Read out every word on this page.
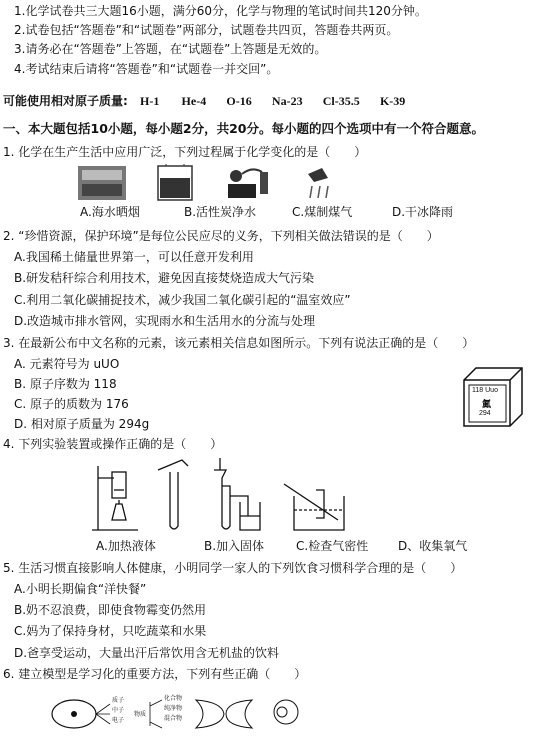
1.化学试卷共三大题16小题，满分60分，化学与物理的笔试时间共120分钟。
2.试卷包括“答题卷”和“试题卷”两部分，试题卷共四页，答题卷共两页。
3.请务必在“答题卷”上答题，在“试题卷”上答题是无效的。
4.考试结束后请将“答题卷”和“试题卷一并交回”。
可能使用相对原子质量: H-1 He-4 O-16 Na-23 Cl-35.5 K-39
一、本大题包括10小题，每小题2分，共20分。每小题的四个选项中有一个符合题意。
1. 化学在生产生活中应用广泛，下列过程属于化学变化的是（　　）
A.海水晒烟	B.活性炭净水	C.煤制煤气	D.干冰降雨
2. “珍惜资源，保护环境”是每位公民应尽的义务，下列相关做法错误的是（　　）
A.我国稀土储量世界第一，可以任意开发利用
B.研发秸秆综合利用技术，避免因直接焚烧造成大气污染
C.利用二氧化碳捕捉技术，减少我国二氧化碳引起的“温室效应”
D.改造城市排水管网，实现雨水和生活用水的分流与处理
3. 在最新公布中文名称的元素，该元素相关信息如图所示。下列有说法正确的是（　　）
A. 元素符号为 uUO
B. 原子序数为 118
C. 原子的质数为 176
D. 相对原子质量为 294g
118 Uuo
鿫
294
4. 下列实验装置或操作正确的是（　　）
A.加热液体	B.加入固体	C.检查气密性 D、收集氧气
5. 生活习惯直接影响人体健康，小明同学一家人的下列饮食习惯科学合理的是（　　）
A.小明长期偏食“洋快餐”
B.奶不忍浪费，即使食物霉变仍然用
C.妈为了保持身材，只吃蔬菜和水果
D.爸享受运动，大量出汗后常饮用含无机盐的饮料
6. 建立模型是学习化的重要方法，下列有些正确（　　）
质子
中子
电子
物质
化合物
纯净物
混合物
